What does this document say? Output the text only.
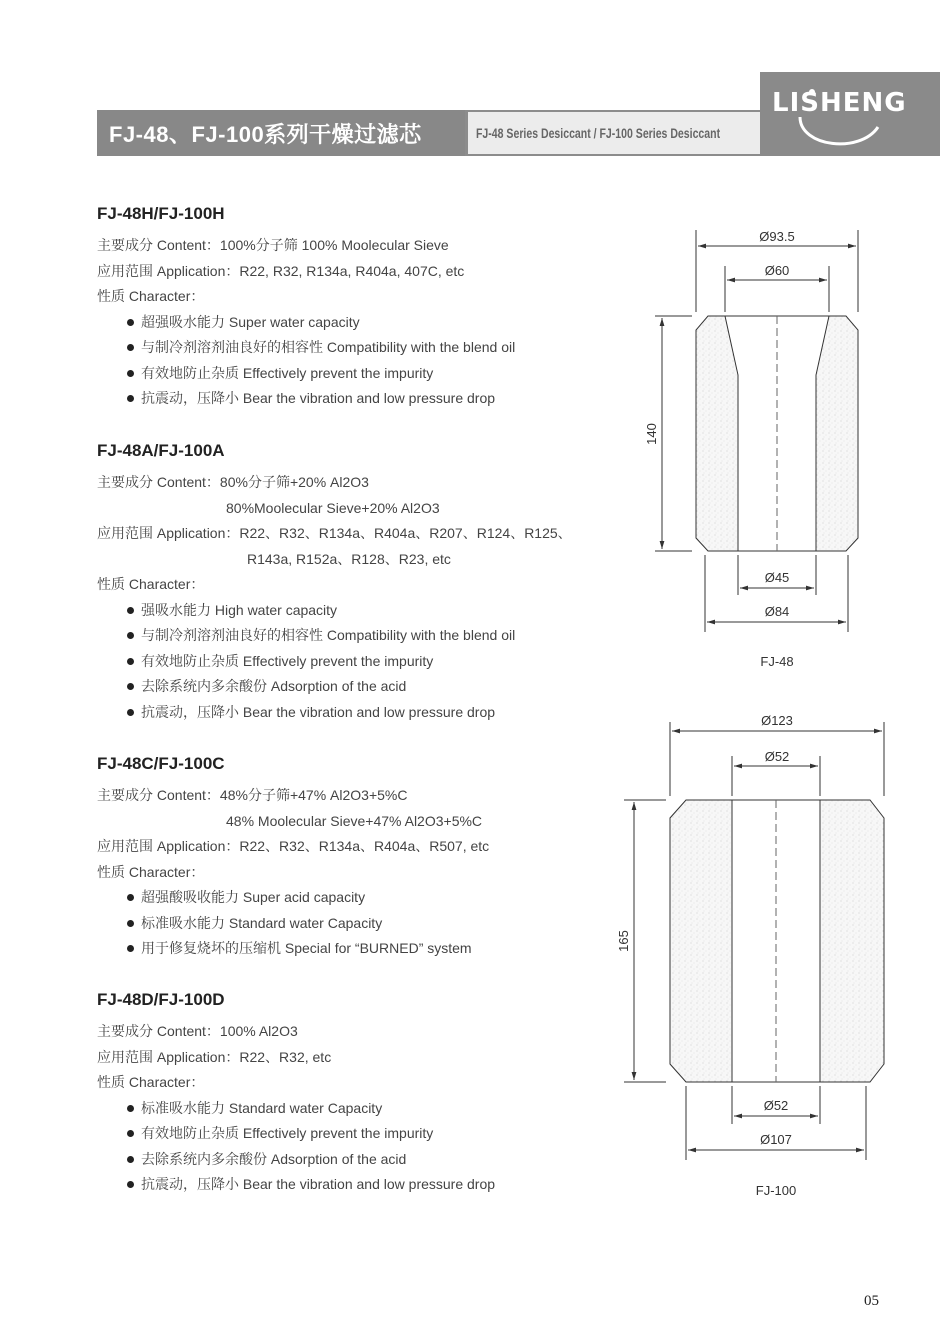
FJ-48、FJ-100系列干燥过滤芯	FJ-48 Series Desiccant / FJ-100 Series Desiccant
LISHENG
FJ-48H/FJ-100H
主要成分 Content：100%分子筛 100% Moolecular Sieve
应用范围 Application：R22, R32, R134a, R404a, 407C, etc
性质 Character：
超强吸水能力 Super water capacity
与制冷剂溶剂油良好的相容性 Compatibility with the blend oil
有效地防止杂质 Effectively prevent the impurity
抗震动，压降小 Bear the vibration and low pressure drop
FJ-48A/FJ-100A
主要成分 Content：80%分子筛+20% Al2O3
80%Moolecular Sieve+20% Al2O3
应用范围 Application：R22、R32、R134a、R404a、R207、R124、R125、
R143a, R152a、R128、R23, etc
性质 Character：
强吸水能力 High water capacity
与制冷剂溶剂油良好的相容性 Compatibility with the blend oil
有效地防止杂质 Effectively prevent the impurity
去除系统内多余酸份 Adsorption of the acid
抗震动，压降小 Bear the vibration and low pressure drop
FJ-48C/FJ-100C
主要成分 Content：48%分子筛+47% Al2O3+5%C
48% Moolecular Sieve+47% Al2O3+5%C
应用范围 Application：R22、R32、R134a、R404a、R507, etc
性质 Character：
超强酸吸收能力 Super acid capacity
标准吸水能力 Standard water Capacity
用于修复烧坏的压缩机 Special for “BURNED” system
FJ-48D/FJ-100D
主要成分 Content：100% Al2O3
应用范围 Application：R22、R32, etc
性质 Character：
标准吸水能力 Standard water Capacity
有效地防止杂质 Effectively prevent the impurity
去除系统内多余酸份 Adsorption of the acid
抗震动，压降小 Bear the vibration and low pressure drop
Ø93.5
Ø60
140
Ø45
Ø84
FJ-48
Ø123
Ø52
165
Ø52
Ø107
FJ-100
05
